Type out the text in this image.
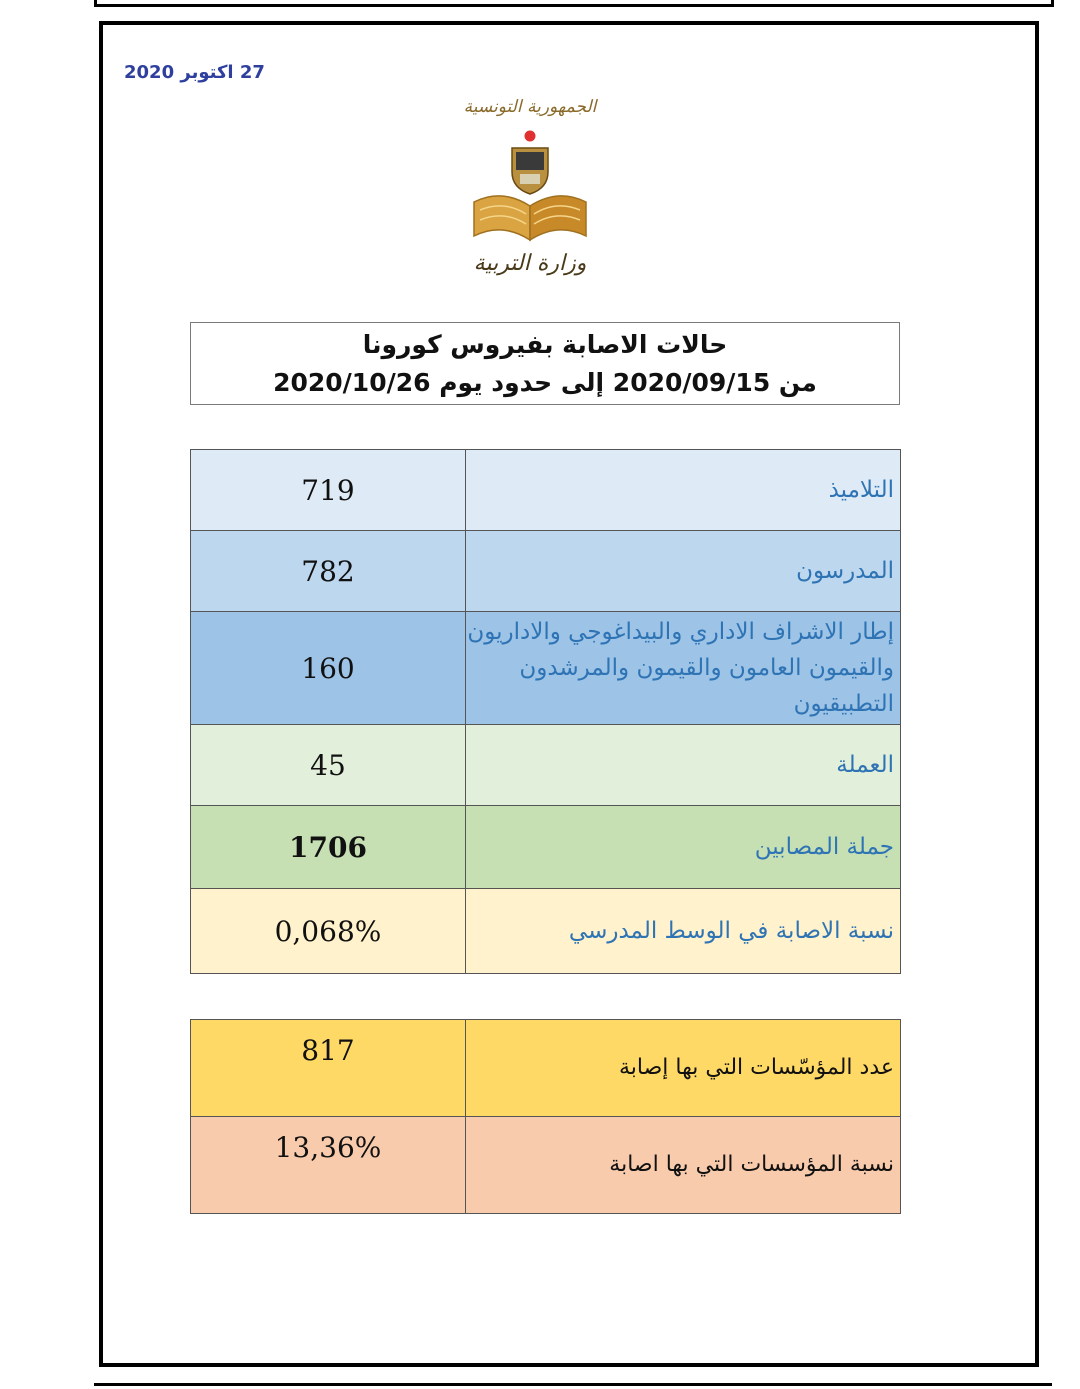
27 اكتوبر 2020
الجمهورية التونسية
وزارة التربية
حالات الاصابة بفيروس كورونا
من 2020/09/15 إلى حدود يوم 2020/10/26
719	التلاميذ
782	المدرسون
160	إطار الاشراف الاداري والبيداغوجي والاداريون والقيمون العامون والقيمون والمرشدون التطبيقيون
45	العملة
1706	جملة المصابين
0,068%	نسبة الاصابة في الوسط المدرسي
817	عدد المؤسّسات التي بها إصابة
13,36%	نسبة المؤسسات التي بها اصابة
